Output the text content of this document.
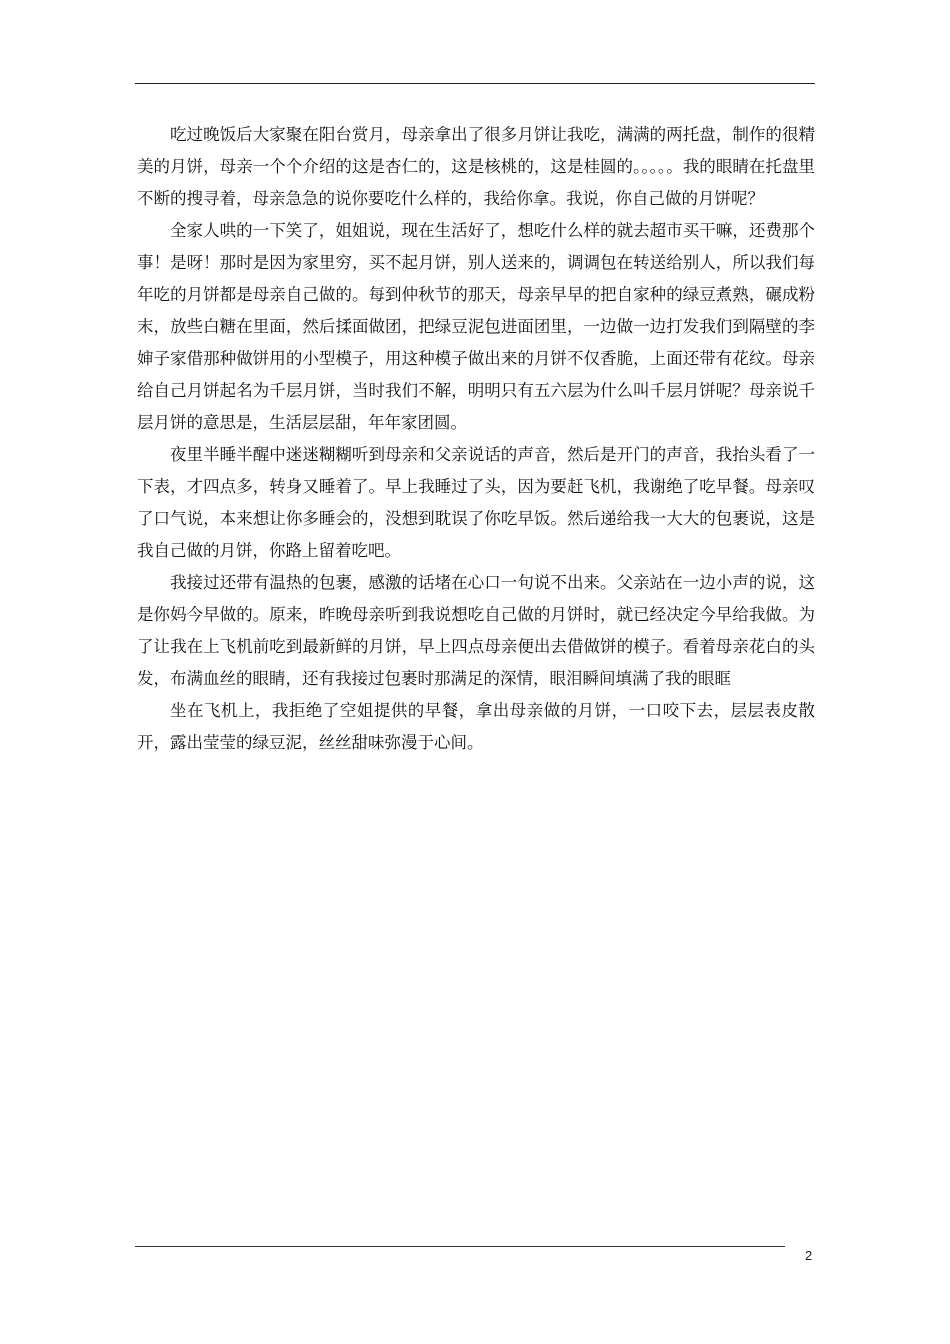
吃过晚饭后大家聚在阳台赏月，母亲拿出了很多月饼让我吃，满满的两托盘，制作的很精美的月饼，母亲一个个介绍的这是杏仁的，这是核桃的，这是桂圆的。。。。。我的眼睛在托盘里不断的搜寻着，母亲急急的说你要吃什么样的，我给你拿。我说，你自己做的月饼呢？

全家人哄的一下笑了，姐姐说，现在生活好了，想吃什么样的就去超市买干嘛，还费那个事！是呀！那时是因为家里穷，买不起月饼，别人送来的，调调包在转送给别人，所以我们每年吃的月饼都是母亲自己做的。每到仲秋节的那天，母亲早早的把自家种的绿豆煮熟，碾成粉末，放些白糖在里面，然后揉面做团，把绿豆泥包进面团里，一边做一边打发我们到隔壁的李婶子家借那种做饼用的小型模子，用这种模子做出来的月饼不仅香脆，上面还带有花纹。母亲给自己月饼起名为千层月饼，当时我们不解，明明只有五六层为什么叫千层月饼呢？母亲说千层月饼的意思是，生活层层甜，年年家团圆。

夜里半睡半醒中迷迷糊糊听到母亲和父亲说话的声音，然后是开门的声音，我抬头看了一下表，才四点多，转身又睡着了。早上我睡过了头，因为要赶飞机，我谢绝了吃早餐。母亲叹了口气说，本来想让你多睡会的，没想到耽误了你吃早饭。然后递给我一大大的包裹说，这是我自己做的月饼，你路上留着吃吧。

我接过还带有温热的包裹，感激的话堵在心口一句说不出来。父亲站在一边小声的说，这是你妈今早做的。原来，昨晚母亲听到我说想吃自己做的月饼时，就已经决定今早给我做。为了让我在上飞机前吃到最新鲜的月饼，早上四点母亲便出去借做饼的模子。看着母亲花白的头发，布满血丝的眼睛，还有我接过包裹时那满足的深情，眼泪瞬间填满了我的眼眶

坐在飞机上，我拒绝了空姐提供的早餐，拿出母亲做的月饼，一口咬下去，层层表皮散开，露出莹莹的绿豆泥，丝丝甜味弥漫于心间。

2
